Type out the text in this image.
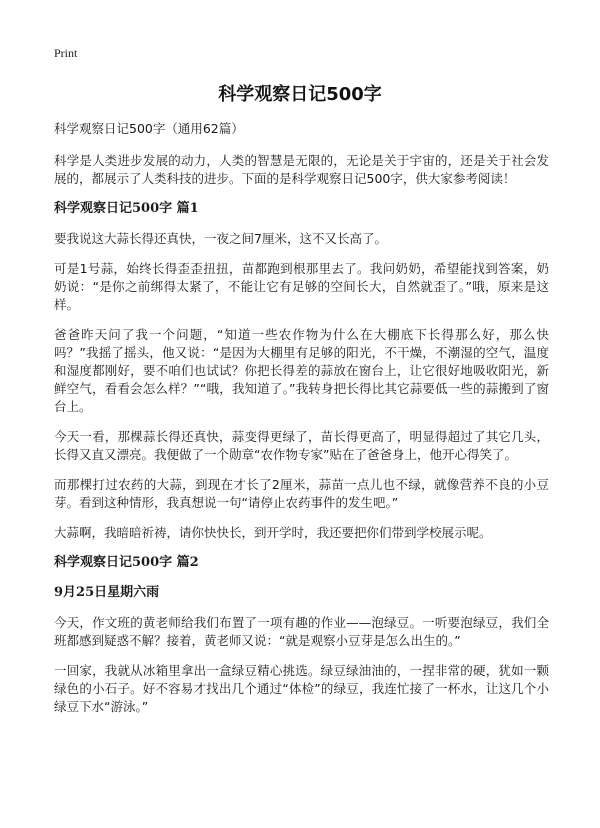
Print
科学观察日记500字
科学观察日记500字（通用62篇）

科学是人类进步发展的动力，人类的智慧是无限的，无论是关于宇宙的，还是关于社会发展的，都展示了人类科技的进步。下面的是科学观察日记500字，供大家参考阅读！

科学观察日记500字 篇1

要我说这大蒜长得还真快，一夜之间7厘米，这不又长高了。

可是1号蒜，始终长得歪歪扭扭，苗都跑到根那里去了。我问奶奶，希望能找到答案，奶奶说：“是你之前绑得太紧了，不能让它有足够的空间长大，自然就歪了。”哦，原来是这样。

爸爸昨天问了我一个问题，“知道一些农作物为什么在大棚底下长得那么好，那么快吗？”我摇了摇头，他又说：“是因为大棚里有足够的阳光，不干燥，不潮湿的空气，温度和湿度都刚好，要不咱们也试试？你把长得差的蒜放在窗台上，让它很好地吸收阳光，新鲜空气，看看会怎么样？”“哦，我知道了。”我转身把长得比其它蒜要低一些的蒜搬到了窗台上。

今天一看，那棵蒜长得还真快，蒜变得更绿了，苗长得更高了，明显得超过了其它几头，长得又直又漂亮。我便做了一个勋章“农作物专家”贴在了爸爸身上，他开心得笑了。

而那棵打过农药的大蒜，到现在才长了2厘米，蒜苗一点儿也不绿，就像营养不良的小豆芽。看到这种情形，我真想说一句“请停止农药事件的发生吧。”

大蒜啊，我暗暗祈祷，请你快快长，到开学时，我还要把你们带到学校展示呢。

科学观察日记500字 篇2
9月25日星期六雨

今天，作文班的黄老师给我们布置了一项有趣的作业——泡绿豆。一听要泡绿豆，我们全班都感到疑惑不解？接着，黄老师又说：“就是观察小豆芽是怎么出生的。”

一回家，我就从冰箱里拿出一盒绿豆精心挑选。绿豆绿油油的，一捏非常的硬，犹如一颗绿色的小石子。好不容易才找出几个通过“体检”的绿豆，我连忙接了一杯水，让这几个小绿豆下水“游泳。”
